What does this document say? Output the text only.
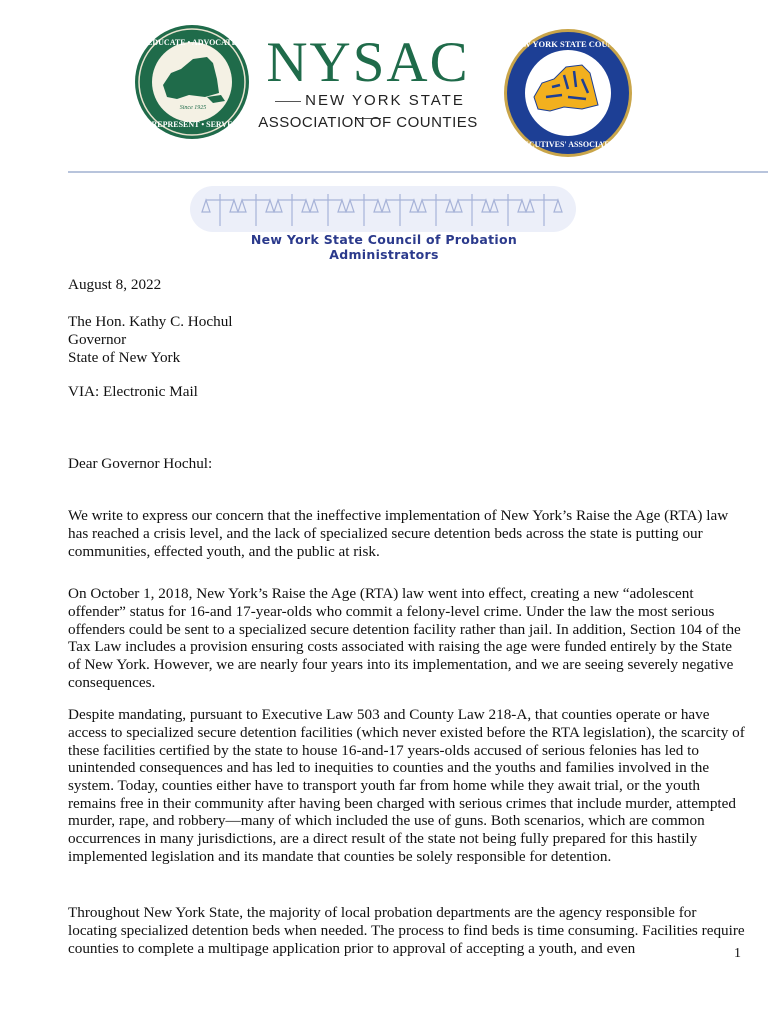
EDUCATE • ADVOCATE
REPRESENT • SERVE
Since 1925
NYSAC
NEW YORK STATE
ASSOCIATION OF COUNTIES
NEW YORK STATE COUNTY
EXECUTIVES' ASSOCIATION
New York State Council of Probation Administrators
August 8, 2022
The Hon. Kathy C. Hochul
Governor
State of New York
VIA: Electronic Mail
Dear Governor Hochul:

We write to express our concern that the ineffective implementation of New York’s Raise the Age (RTA) law has reached a crisis level, and the lack of specialized secure detention beds across the state is putting our communities, effected youth, and the public at risk.

On October 1, 2018, New York’s Raise the Age (RTA) law went into effect, creating a new “adolescent offender” status for 16-and 17-year-olds who commit a felony-level crime. Under the law the most serious offenders could be sent to a specialized secure detention facility rather than jail. In addition, Section 104 of the Tax Law includes a provision ensuring costs associated with raising the age were funded entirely by the State of New York. However, we are nearly four years into its implementation, and we are seeing severely negative consequences.

Despite mandating, pursuant to Executive Law 503 and County Law 218-A, that counties operate or have access to specialized secure detention facilities (which never existed before the RTA legislation), the scarcity of these facilities certified by the state to house 16-and-17 years-olds accused of serious felonies has led to unintended consequences and has led to inequities to counties and the youths and families involved in the system. Today, counties either have to transport youth far from home while they await trial, or the youth remains free in their community after having been charged with serious crimes that include murder, attempted murder, rape, and robbery—many of which included the use of guns. Both scenarios, which are common occurrences in many jurisdictions, are a direct result of the state not being fully prepared for this hastily implemented legislation and its mandate that counties be solely responsible for detention.

Throughout New York State, the majority of local probation departments are the agency responsible for locating specialized detention beds when needed. The process to find beds is time consuming. Facilities require counties to complete a multipage application prior to approval of accepting a youth, and even	1
